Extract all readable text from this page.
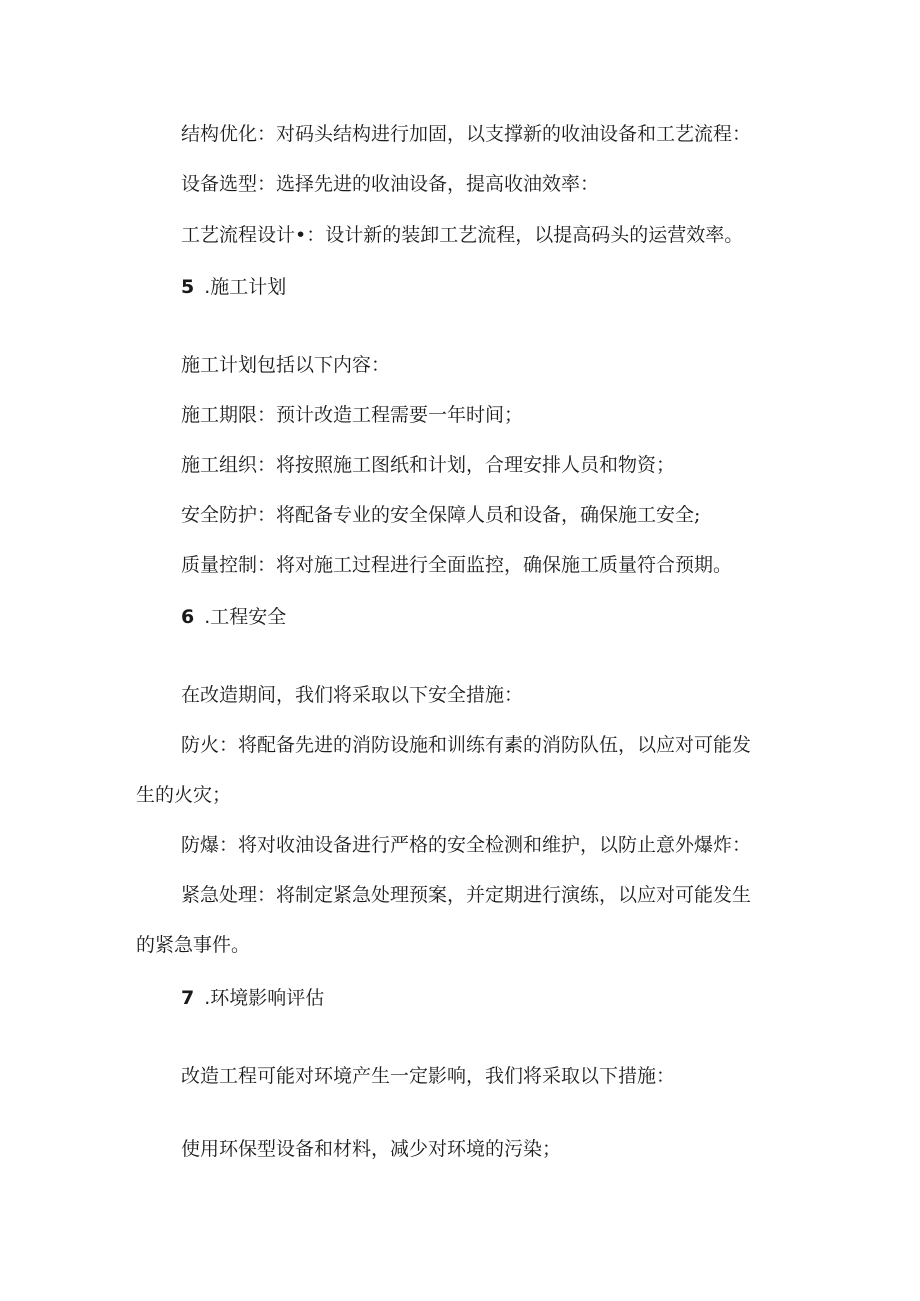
结构优化：对码头结构进行加固，以支撑新的收油设备和工艺流程：

设备选型：选择先进的收油设备，提高收油效率：

工艺流程设计•：设计新的装卸工艺流程，以提高码头的运营效率。

5 .施工计划

施工计划包括以下内容：

施工期限：预计改造工程需要一年时间；

施工组织：将按照施工图纸和计划，合理安排人员和物资；

安全防护：将配备专业的安全保障人员和设备，确保施工安全;

质量控制：将对施工过程进行全面监控，确保施工质量符合预期。

6 .工程安全

在改造期间，我们将采取以下安全措施：

防火：将配备先进的消防设施和训练有素的消防队伍，以应对可能发

生的火灾；

防爆：将对收油设备进行严格的安全检测和维护，以防止意外爆炸：

紧急处理：将制定紧急处理预案，并定期进行演练，以应对可能发生

的紧急事件。

7 .环境影响评估

改造工程可能对环境产生一定影响，我们将采取以下措施：

使用环保型设备和材料，减少对环境的污染；
